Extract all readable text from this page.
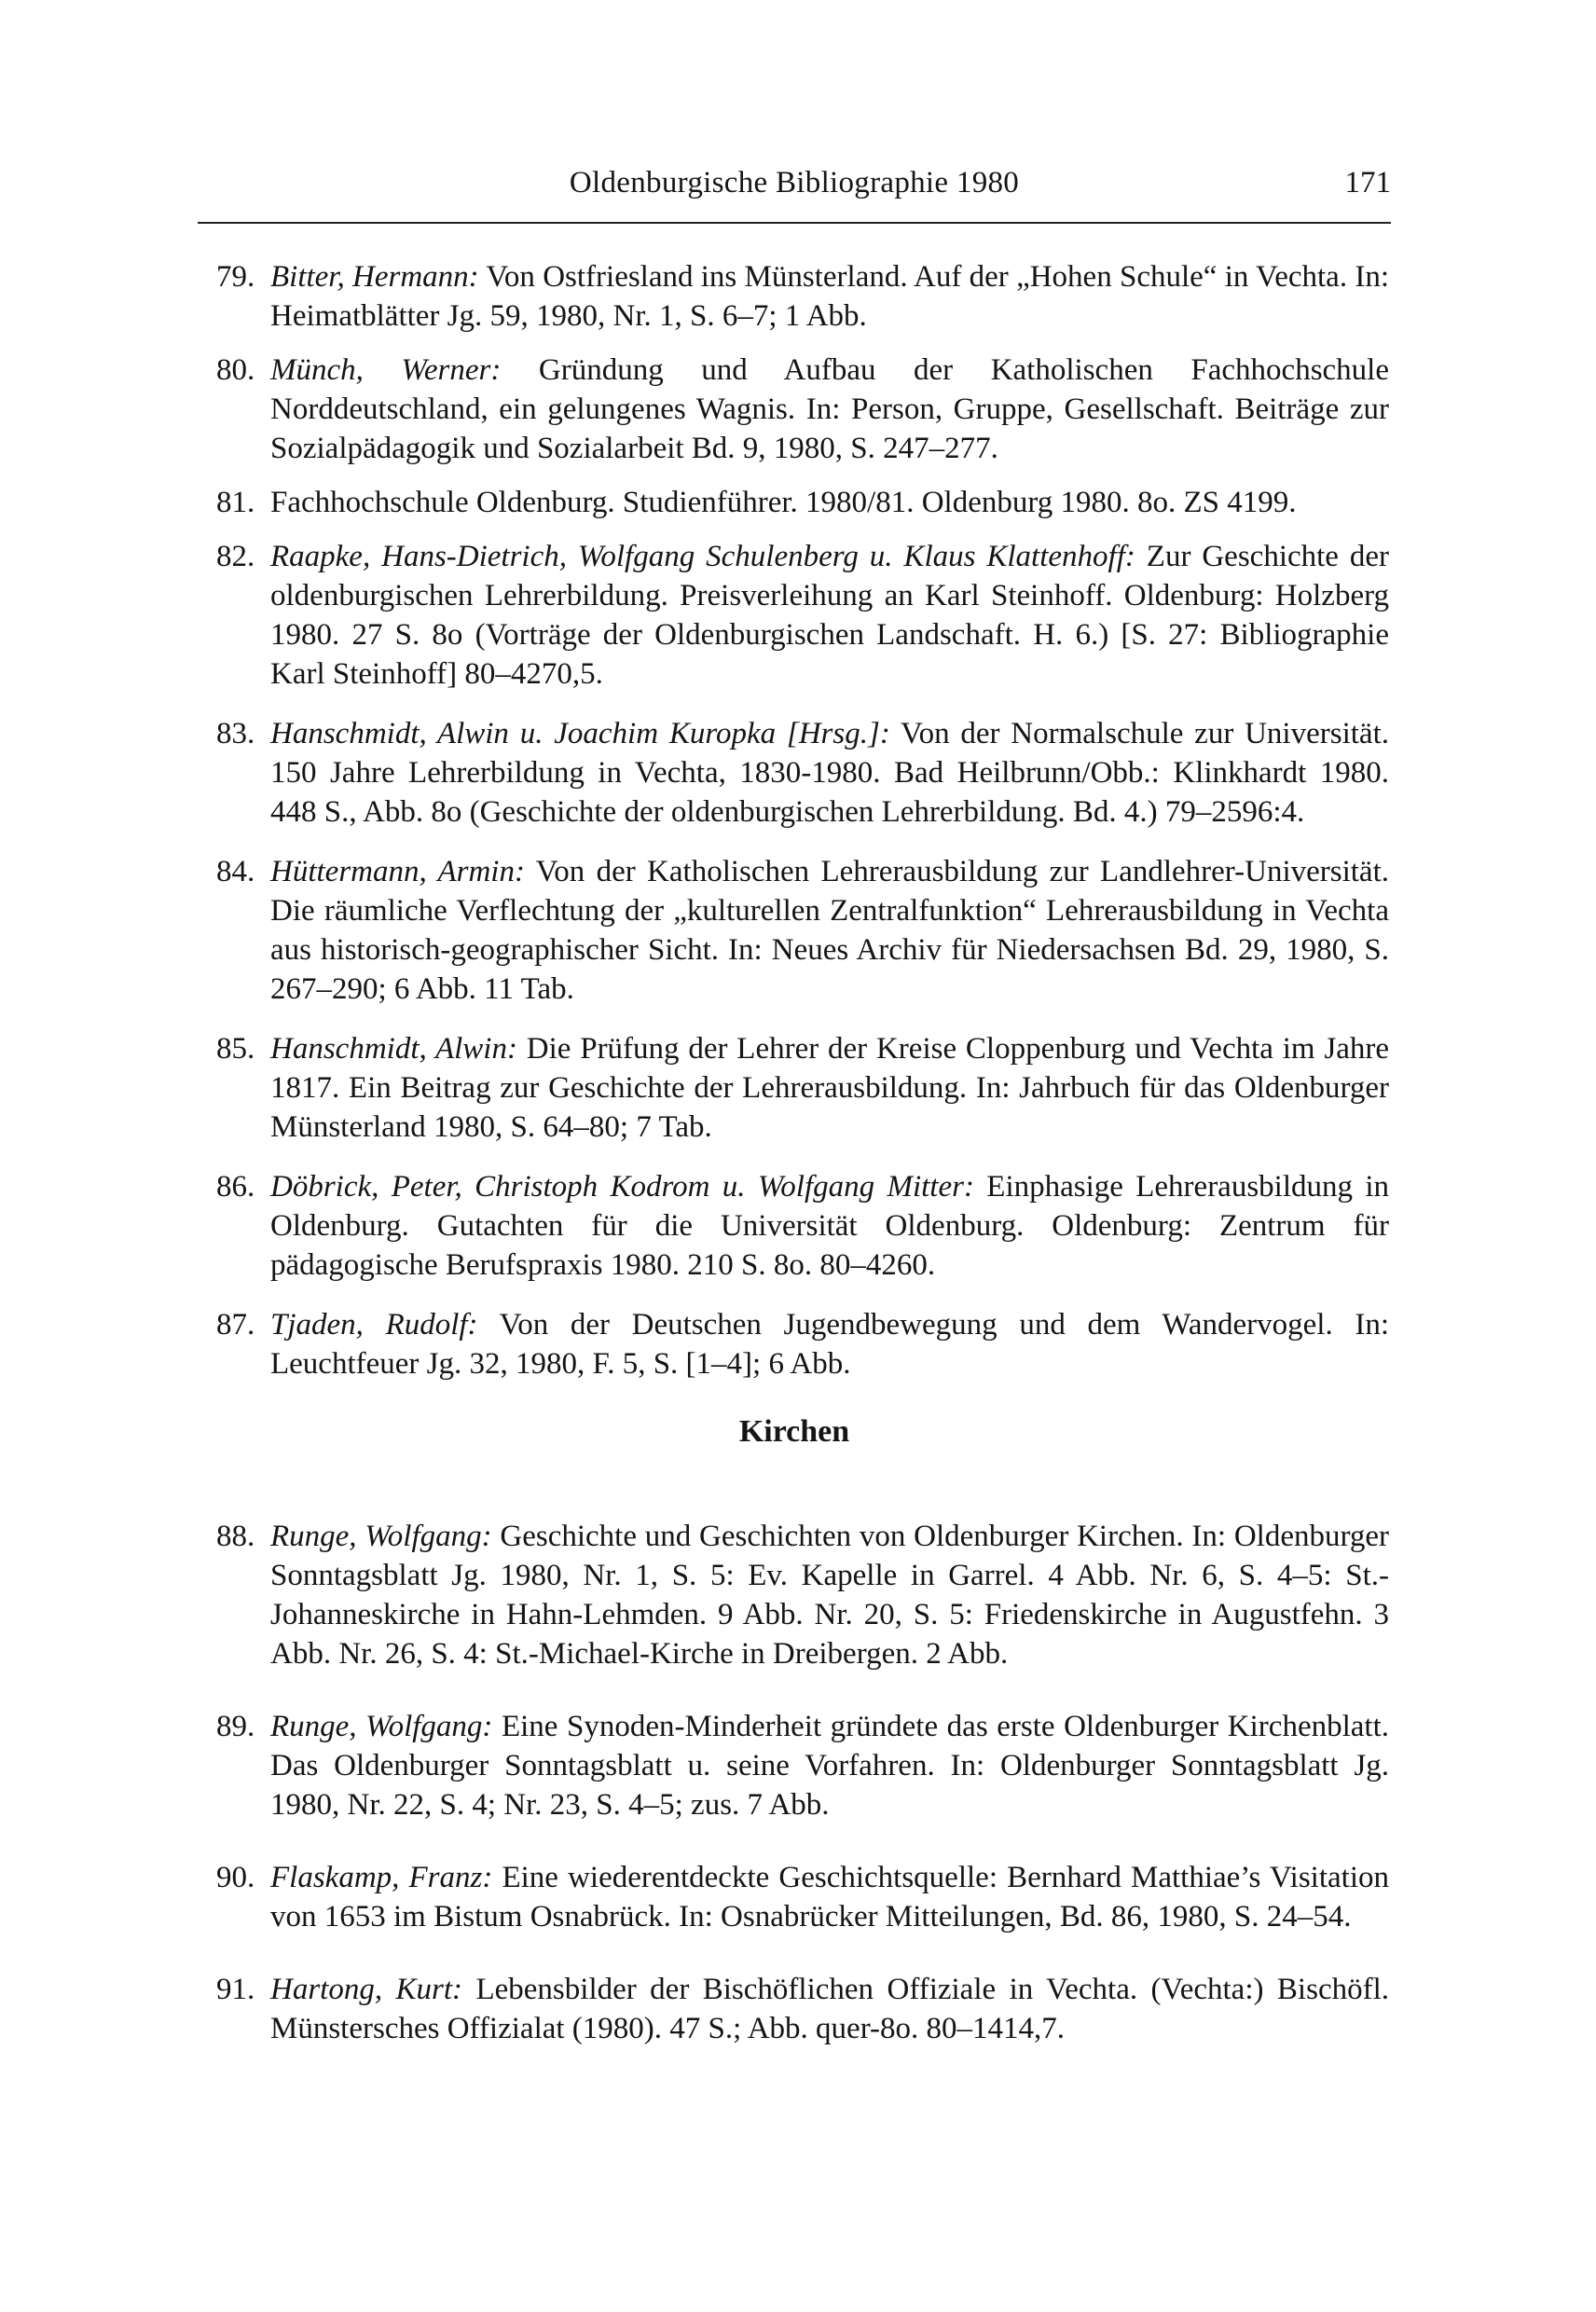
Oldenburgische Bibliographie 1980	171
79. Bitter, Hermann: Von Ostfriesland ins Münsterland. Auf der „Hohen Schule“ in Vechta. In: Heimatblätter Jg. 59, 1980, Nr. 1, S. 6–7; 1 Abb.
80. Münch, Werner: Gründung und Aufbau der Katholischen Fachhochschule Norddeutschland, ein gelungenes Wagnis. In: Person, Gruppe, Gesellschaft. Beiträge zur Sozialpädagogik und Sozialarbeit Bd. 9, 1980, S. 247–277.
81. Fachhochschule Oldenburg. Studienführer. 1980/81. Oldenburg 1980. 8o. ZS 4199.
82. Raapke, Hans-Dietrich, Wolfgang Schulenberg u. Klaus Klattenhoff: Zur Geschichte der oldenburgischen Lehrerbildung. Preisverleihung an Karl Steinhoff. Oldenburg: Holzberg 1980. 27 S. 8o (Vorträge der Oldenburgischen Landschaft. H. 6.) [S. 27: Bibliographie Karl Steinhoff] 80–4270,5.
83. Hanschmidt, Alwin u. Joachim Kuropka [Hrsg.]: Von der Normalschule zur Universität. 150 Jahre Lehrerbildung in Vechta, 1830-1980. Bad Heilbrunn/Obb.: Klinkhardt 1980. 448 S., Abb. 8o (Geschichte der oldenburgischen Lehrerbildung. Bd. 4.) 79–2596:4.
84. Hüttermann, Armin: Von der Katholischen Lehrerausbildung zur Landlehrer-Universität. Die räumliche Verflechtung der „kulturellen Zentralfunktion“ Lehrerausbildung in Vechta aus historisch-geographischer Sicht. In: Neues Archiv für Niedersachsen Bd. 29, 1980, S. 267–290; 6 Abb. 11 Tab.
85. Hanschmidt, Alwin: Die Prüfung der Lehrer der Kreise Cloppenburg und Vechta im Jahre 1817. Ein Beitrag zur Geschichte der Lehrerausbildung. In: Jahrbuch für das Oldenburger Münsterland 1980, S. 64–80; 7 Tab.
86. Döbrick, Peter, Christoph Kodrom u. Wolfgang Mitter: Einphasige Lehrerausbildung in Oldenburg. Gutachten für die Universität Oldenburg. Oldenburg: Zentrum für pädagogische Berufspraxis 1980. 210 S. 8o. 80–4260.
87. Tjaden, Rudolf: Von der Deutschen Jugendbewegung und dem Wandervogel. In: Leuchtfeuer Jg. 32, 1980, F. 5, S. [1–4]; 6 Abb.
Kirchen
88. Runge, Wolfgang: Geschichte und Geschichten von Oldenburger Kirchen. In: Oldenburger Sonntagsblatt Jg. 1980, Nr. 1, S. 5: Ev. Kapelle in Garrel. 4 Abb. Nr. 6, S. 4–5: St.-Johanneskirche in Hahn-Lehmden. 9 Abb. Nr. 20, S. 5: Friedenskirche in Augustfehn. 3 Abb. Nr. 26, S. 4: St.-Michael-Kirche in Dreibergen. 2 Abb.
89. Runge, Wolfgang: Eine Synoden-Minderheit gründete das erste Oldenburger Kirchenblatt. Das Oldenburger Sonntagsblatt u. seine Vorfahren. In: Oldenburger Sonntagsblatt Jg. 1980, Nr. 22, S. 4; Nr. 23, S. 4–5; zus. 7 Abb.
90. Flaskamp, Franz: Eine wiederentdeckte Geschichtsquelle: Bernhard Matthiae’s Visitation von 1653 im Bistum Osnabrück. In: Osnabrücker Mitteilungen, Bd. 86, 1980, S. 24–54.
91. Hartong, Kurt: Lebensbilder der Bischöflichen Offiziale in Vechta. (Vechta:) Bischöfl. Münstersches Offizialat (1980). 47 S.; Abb. quer-8o. 80–1414,7.
